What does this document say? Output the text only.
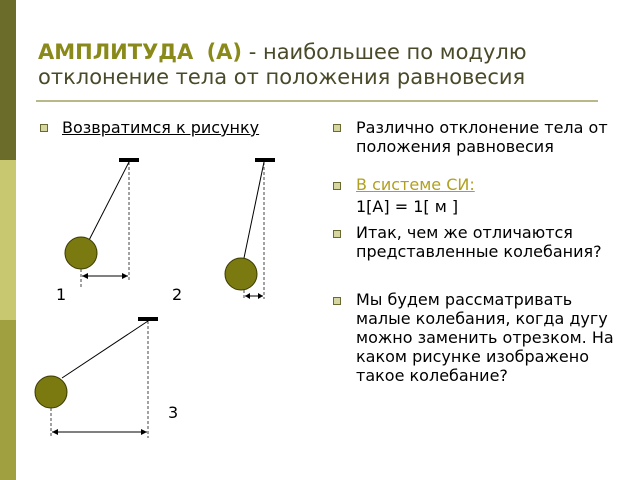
АМПЛИТУДА (А) - наибольшее по модулю
отклонение тела от положения равновесия
Возвратимся к рисунку
1	2
3

Различно отклонение тела от положения равновесия

В системе СИ:

1[A] = 1[ м ]

Итак, чем же отличаются представленные колебания?

Мы будем рассматривать малые колебания, когда дугу можно заменить отрезком. На каком рисунке изображено такое колебание?
